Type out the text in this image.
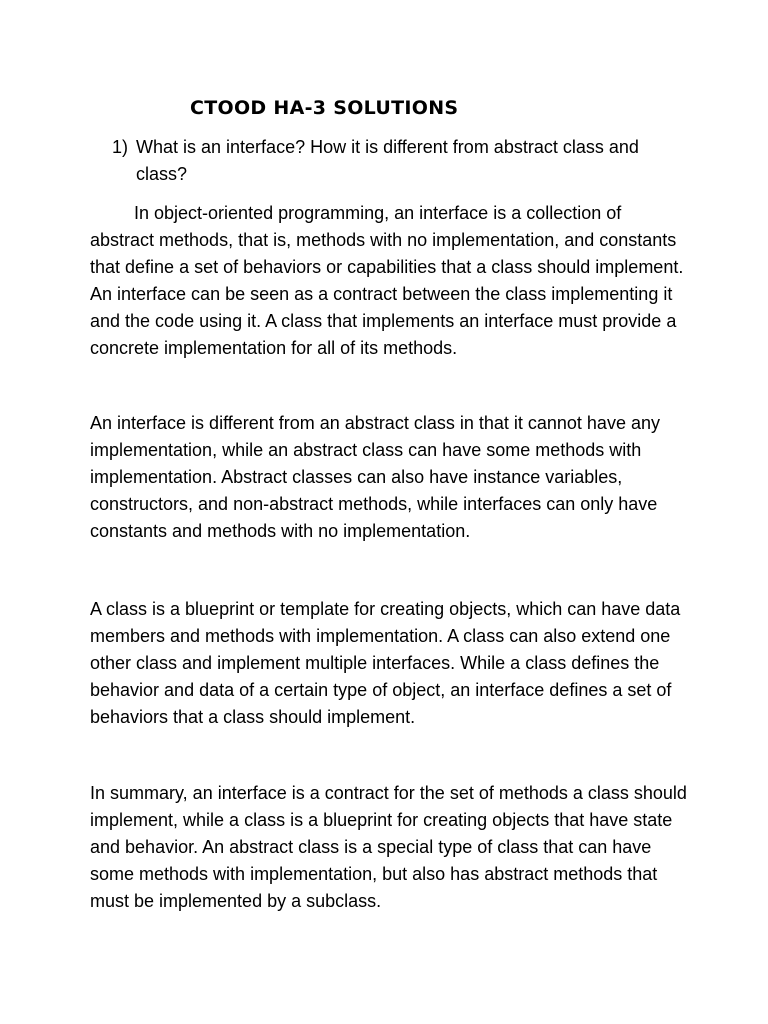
CTOOD HA-3 SOLUTIONS
1) What is an interface? How it is different from abstract class and class?

In object-oriented programming, an interface is a collection of abstract methods, that is, methods with no implementation, and constants that define a set of behaviors or capabilities that a class should implement. An interface can be seen as a contract between the class implementing it and the code using it. A class that implements an interface must provide a concrete implementation for all of its methods.

An interface is different from an abstract class in that it cannot have any implementation, while an abstract class can have some methods with implementation. Abstract classes can also have instance variables, constructors, and non-abstract methods, while interfaces can only have constants and methods with no implementation.

A class is a blueprint or template for creating objects, which can have data members and methods with implementation. A class can also extend one other class and implement multiple interfaces. While a class defines the behavior and data of a certain type of object, an interface defines a set of behaviors that a class should implement.

In summary, an interface is a contract for the set of methods a class should implement, while a class is a blueprint for creating objects that have state and behavior. An abstract class is a special type of class that can have some methods with implementation, but also has abstract methods that must be implemented by a subclass.
